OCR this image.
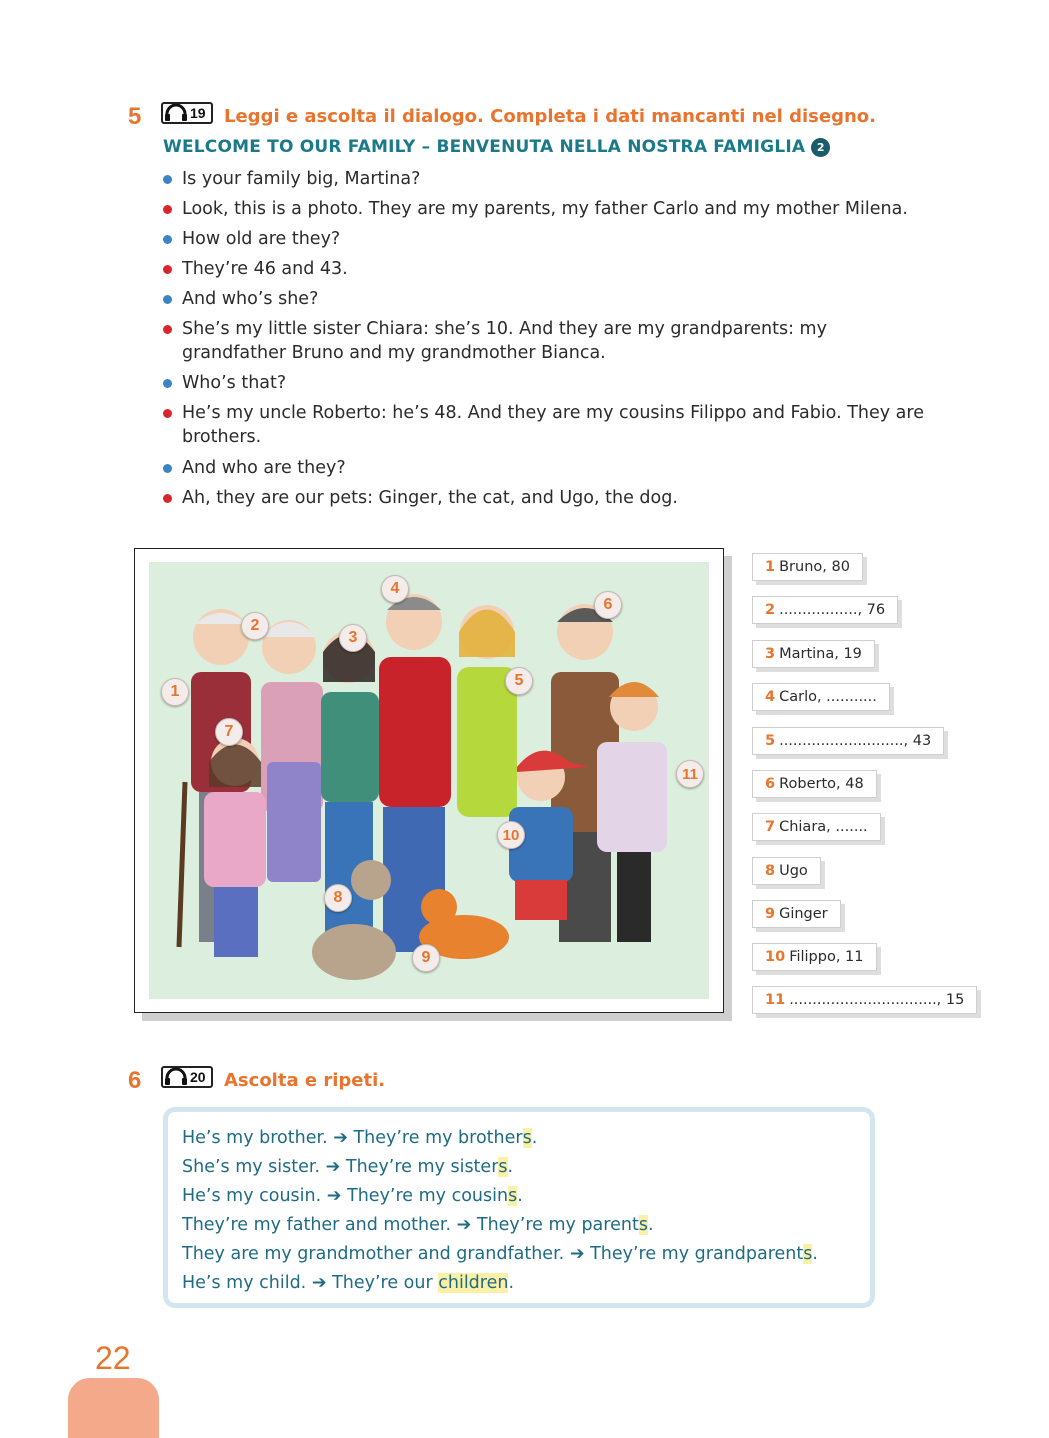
5	19 Leggi e ascolta il dialogo. Completa i dati mancanti nel disegno.
WELCOME TO OUR FAMILY – BENVENUTA NELLA NOSTRA FAMIGLIA 2
Is your family big, Martina?
Look, this is a photo. They are my parents, my father Carlo and my mother Milena.
How old are they?
They’re 46 and 43.
And who’s she?
She’s my little sister Chiara: she’s 10. And they are my grandparents: my grandfather Bruno and my grandmother Bianca.
Who’s that?
He’s my uncle Roberto: he’s 48. And they are my cousins Filippo and Fabio. They are brothers.
And who are they?
Ah, they are our pets: Ginger, the cat, and Ugo, the dog.
1
2
3
4
5
6
7
8
9
10
11
1 Bruno, 80
2 ................., 76
3 Martina, 19
4 Carlo, ...........
5 ..........................., 43
6 Roberto, 48
7 Chiara, .......
8 Ugo
9 Ginger
10 Filippo, 11
11 ................................, 15
6	20 Ascolta e ripeti.
He’s my brother. ➔ They’re my brothers.
She’s my sister. ➔ They’re my sisters.
He’s my cousin. ➔ They’re my cousins.
They’re my father and mother. ➔ They’re my parents.
They are my grandmother and grandfather. ➔ They’re my grandparents.
He’s my child. ➔ They’re our children.
22
